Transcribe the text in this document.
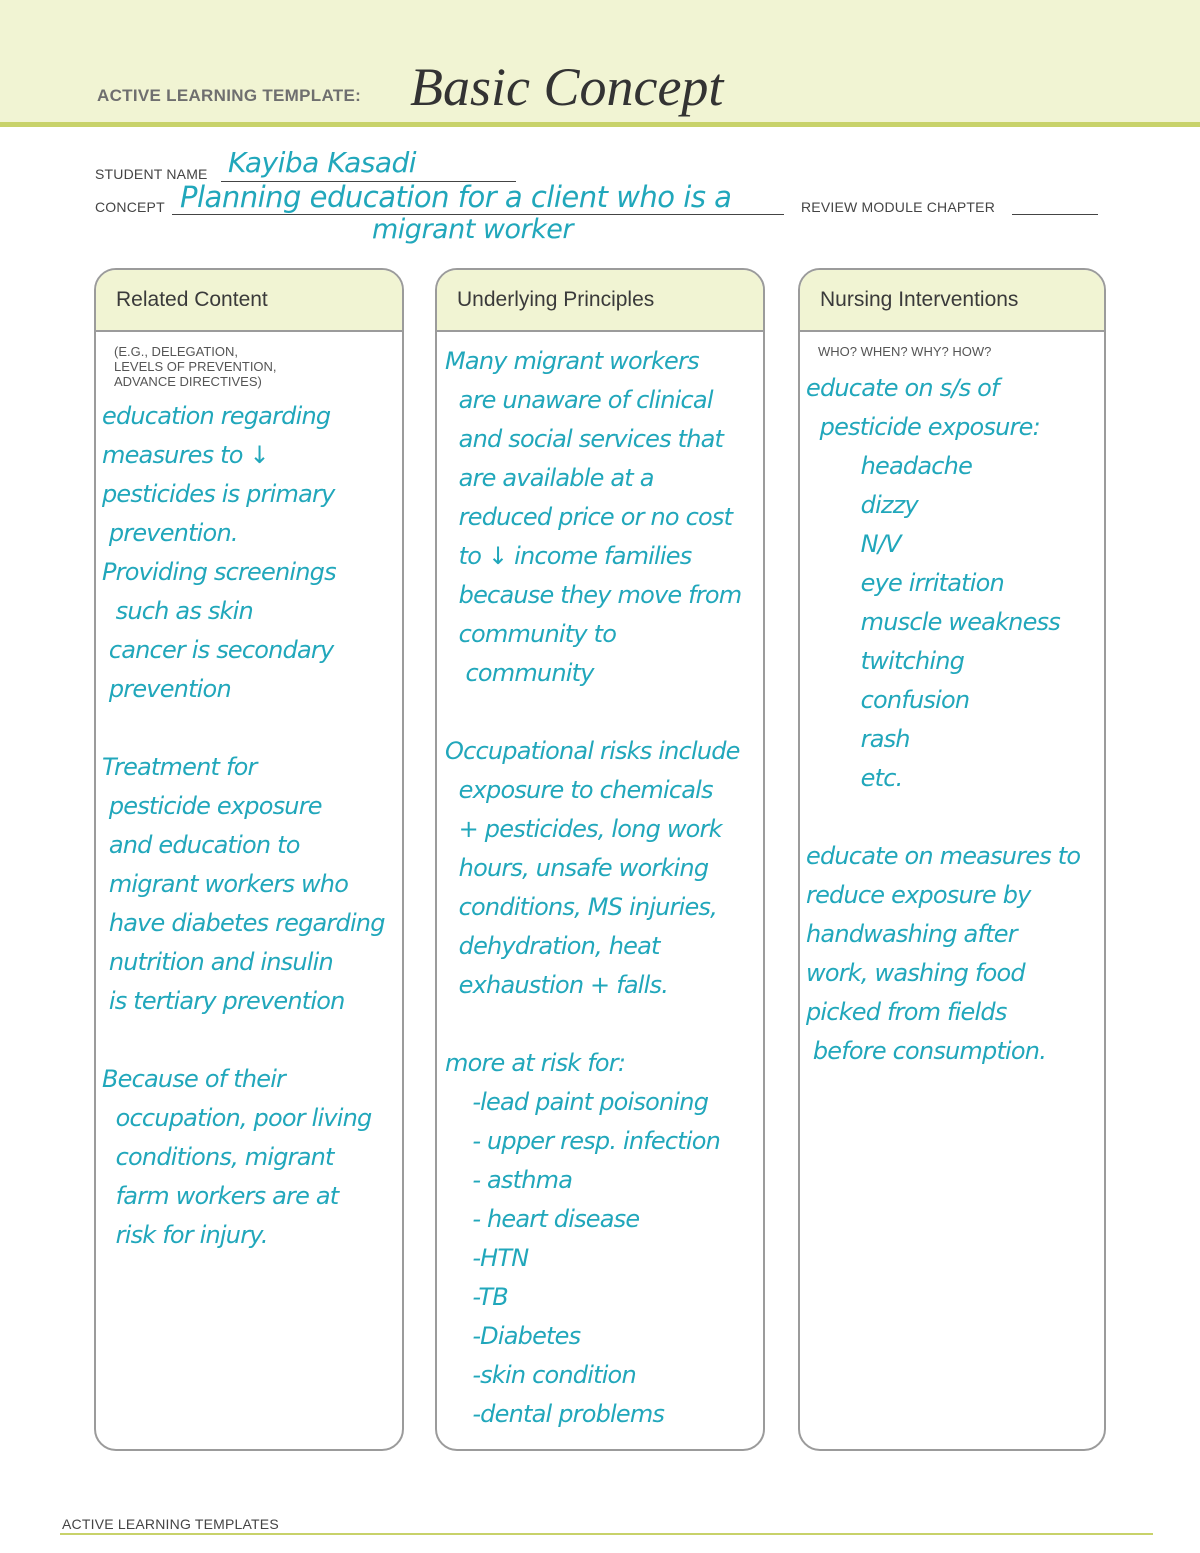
ACTIVE LEARNING TEMPLATE: Basic Concept
STUDENT NAME Kayiba Kasadi
CONCEPT Planning education for a client who is a
migrant worker
REVIEW MODULE CHAPTER
Related Content
(E.G., DELEGATION,
LEVELS OF PREVENTION,
ADVANCE DIRECTIVES)

education regarding
measures to ↓
pesticides is primary
prevention.
Providing screenings
such as skin
cancer is secondary
prevention

Treatment for
pesticide exposure
and education to
migrant workers who
have diabetes regarding
nutrition and insulin
is tertiary prevention

Because of their
occupation, poor living
conditions, migrant
farm workers are at
risk for injury.

Underlying Principles

Many migrant workers
are unaware of clinical
and social services that
are available at a
reduced price or no cost
to ↓ income families
because they move from
community to
community

Occupational risks include
exposure to chemicals
+ pesticides, long work
hours, unsafe working
conditions, MS injuries,
dehydration, heat
exhaustion + falls.

more at risk for:
-lead paint poisoning
- upper resp. infection
- asthma
- heart disease
-HTN
-TB
-Diabetes
-skin condition
-dental problems

Nursing Interventions
WHO? WHEN? WHY? HOW?

educate on s/s of
pesticide exposure:
headache
dizzy
N/V
eye irritation
muscle weakness
twitching
confusion
rash
etc.

educate on measures to
reduce exposure by
handwashing after
work, washing food
picked from fields
before consumption.

ACTIVE LEARNING TEMPLATES
